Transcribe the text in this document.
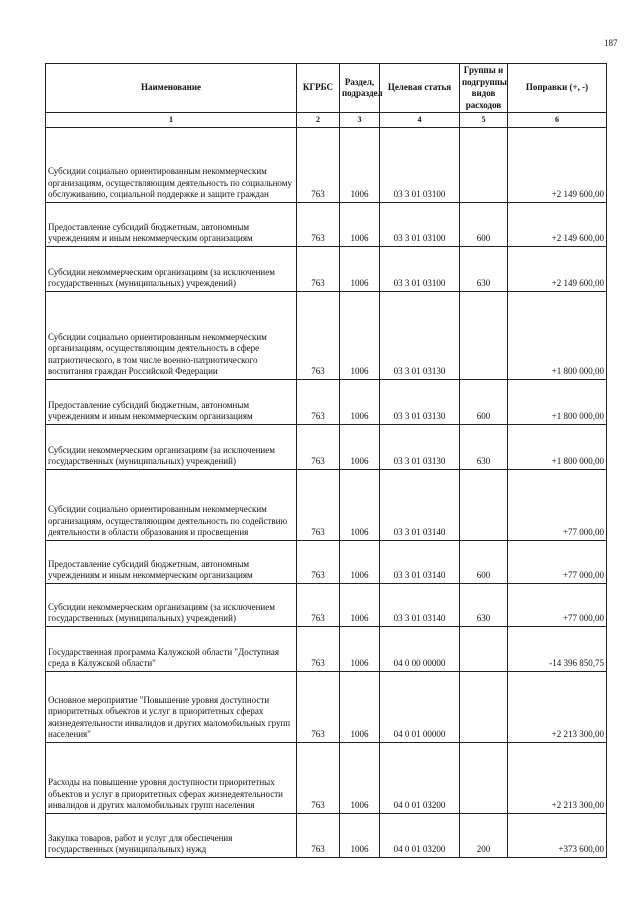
187
Наименование	КГРБС	Раздел, подраздел	Целевая статья	Группы и подгруппы видов расходов	Поправки (+, -)
1	2	3	4	5	6
Субсидии социально ориентированным некоммерческим организациям, осуществляющим деятельность по социальному обслуживанию, социальной поддержке и защите граждан	763	1006	03 3 01 03100		+2 149 600,00
Предоставление субсидий бюджетным, автономным учреждениям и иным некоммерческим организациям	763	1006	03 3 01 03100	600	+2 149 600,00
Субсидии некоммерческим организациям (за исключением государственных (муниципальных) учреждений)	763	1006	03 3 01 03100	630	+2 149 600,00
Субсидии социально ориентированным некоммерческим организациям, осуществляющим деятельность в сфере патриотического, в том числе военно-патриотического воспитания граждан Российской Федерации	763	1006	03 3 01 03130		+1 800 000,00
Предоставление субсидий бюджетным, автономным учреждениям и иным некоммерческим организациям	763	1006	03 3 01 03130	600	+1 800 000,00
Субсидии некоммерческим организациям (за исключением государственных (муниципальных) учреждений)	763	1006	03 3 01 03130	630	+1 800 000,00
Субсидии социально ориентированным некоммерческим организациям, осуществляющим деятельность по содействию деятельности в области образования и просвещения	763	1006	03 3 01 03140		+77 000,00
Предоставление субсидий бюджетным, автономным учреждениям и иным некоммерческим организациям	763	1006	03 3 01 03140	600	+77 000,00
Субсидии некоммерческим организациям (за исключением государственных (муниципальных) учреждений)	763	1006	03 3 01 03140	630	+77 000,00
Государственная программа Калужской области "Доступная среда в Калужской области"	763	1006	04 0 00 00000		-14 396 850,75
Основное мероприятие "Повышение уровня доступности приоритетных объектов и услуг в приоритетных сферах жизнедеятельности инвалидов и других маломобильных групп населения"	763	1006	04 0 01 00000		+2 213 300,00
Расходы на повышение уровня доступности приоритетных объектов и услуг в приоритетных сферах жизнедеятельности инвалидов и других маломобильных групп населения	763	1006	04 0 01 03200		+2 213 300,00
Закупка товаров, работ и услуг для обеспечения государственных (муниципальных) нужд	763	1006	04 0 01 03200	200	+373 600,00
